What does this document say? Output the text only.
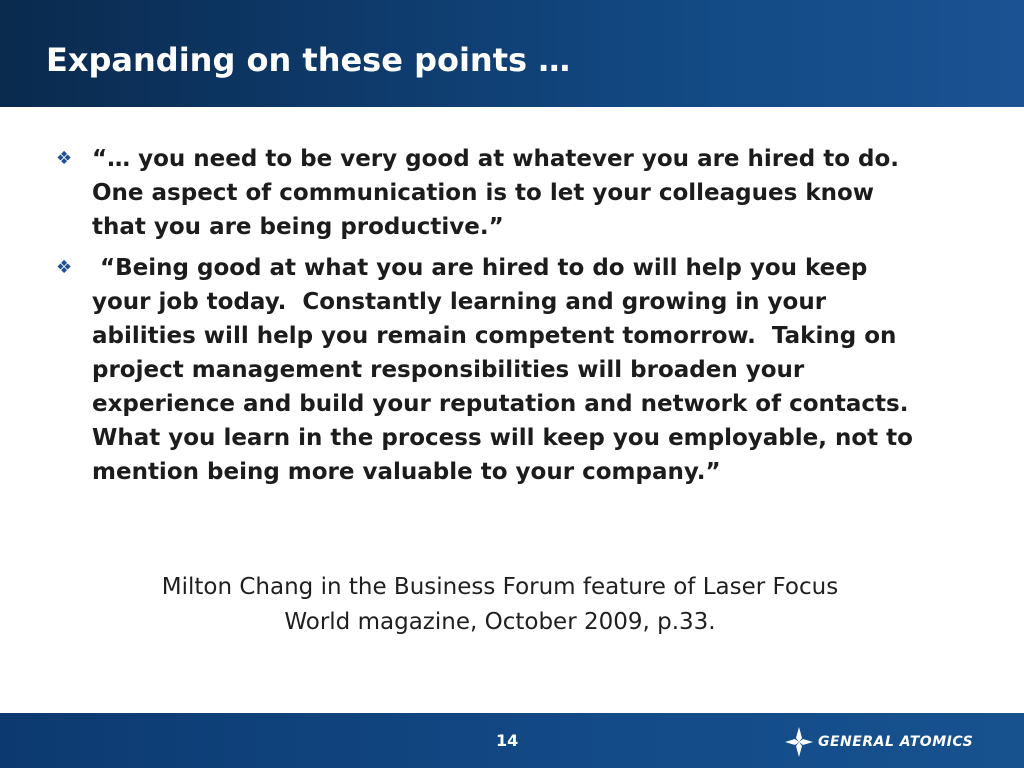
Expanding on these points …
❖ “… you need to be very good at whatever you are hired to do. One aspect of communication is to let your colleagues know that you are being productive.”
❖ “Being good at what you are hired to do will help you keep your job today.  Constantly learning and growing in your abilities will help you remain competent tomorrow.  Taking on project management responsibilities will broaden your experience and build your reputation and network of contacts.  What you learn in the process will keep you employable, not to mention being more valuable to your company.”
Milton Chang in the Business Forum feature of Laser Focus
World magazine, October 2009, p.33.
14	GENERAL ATOMICS
